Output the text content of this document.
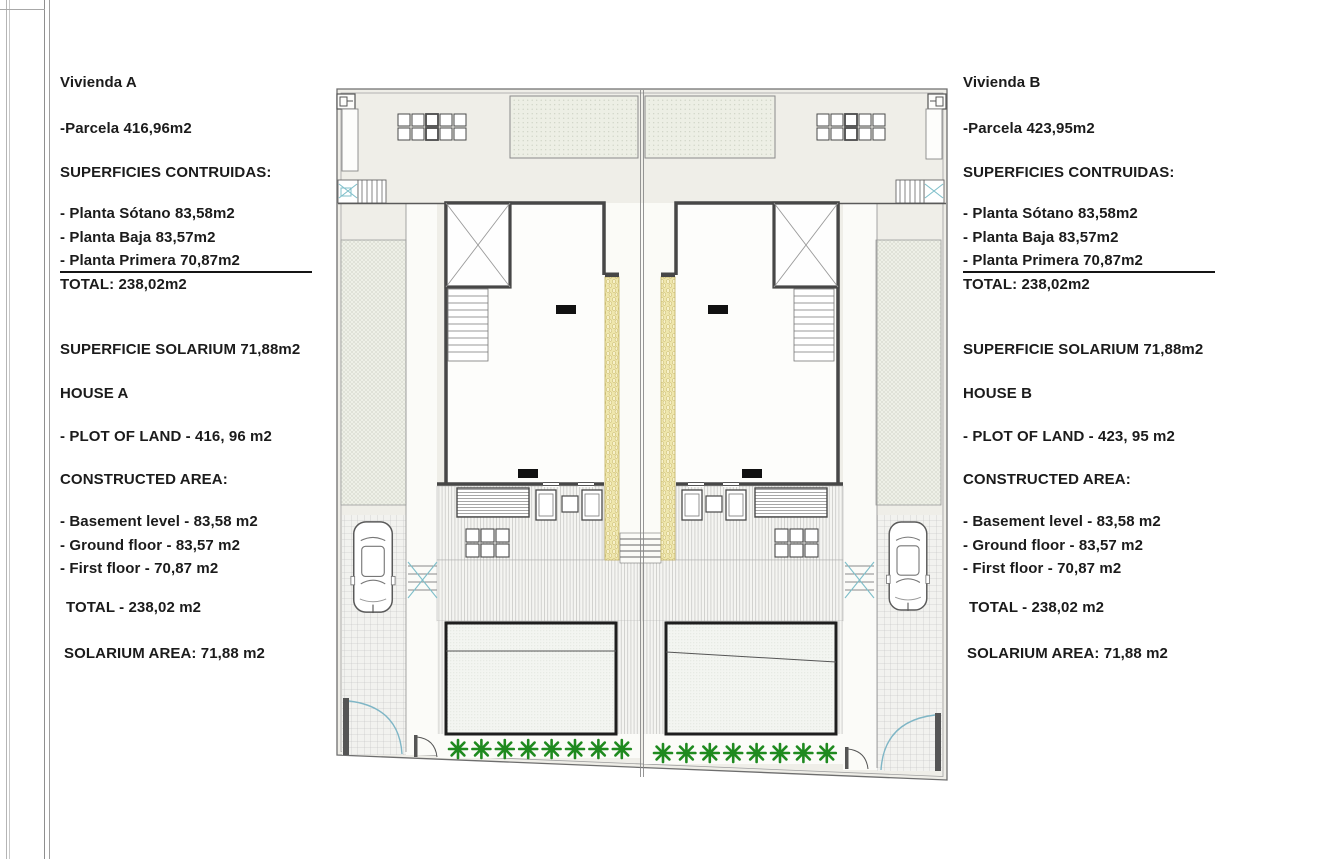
Vivienda A
-Parcela 416,96m2
SUPERFICIES CONTRUIDAS:
- Planta Sótano 83,58m2
- Planta Baja 83,57m2
- Planta Primera 70,87m2
TOTAL: 238,02m2
SUPERFICIE SOLARIUM 71,88m2
HOUSE A
- PLOT OF LAND - 416, 96 m2
CONSTRUCTED AREA:
- Basement level - 83,58 m2
- Ground floor - 83,57 m2
- First floor - 70,87 m2
TOTAL - 238,02 m2
SOLARIUM AREA: 71,88 m2
Vivienda B
-Parcela 423,95m2
SUPERFICIES CONTRUIDAS:
- Planta Sótano 83,58m2
- Planta Baja 83,57m2
- Planta Primera 70,87m2
TOTAL: 238,02m2
SUPERFICIE SOLARIUM 71,88m2
HOUSE B
- PLOT OF LAND - 423, 95 m2
CONSTRUCTED AREA:
- Basement level - 83,58 m2
- Ground floor - 83,57 m2
- First floor - 70,87 m2
TOTAL - 238,02 m2
SOLARIUM AREA: 71,88 m2
